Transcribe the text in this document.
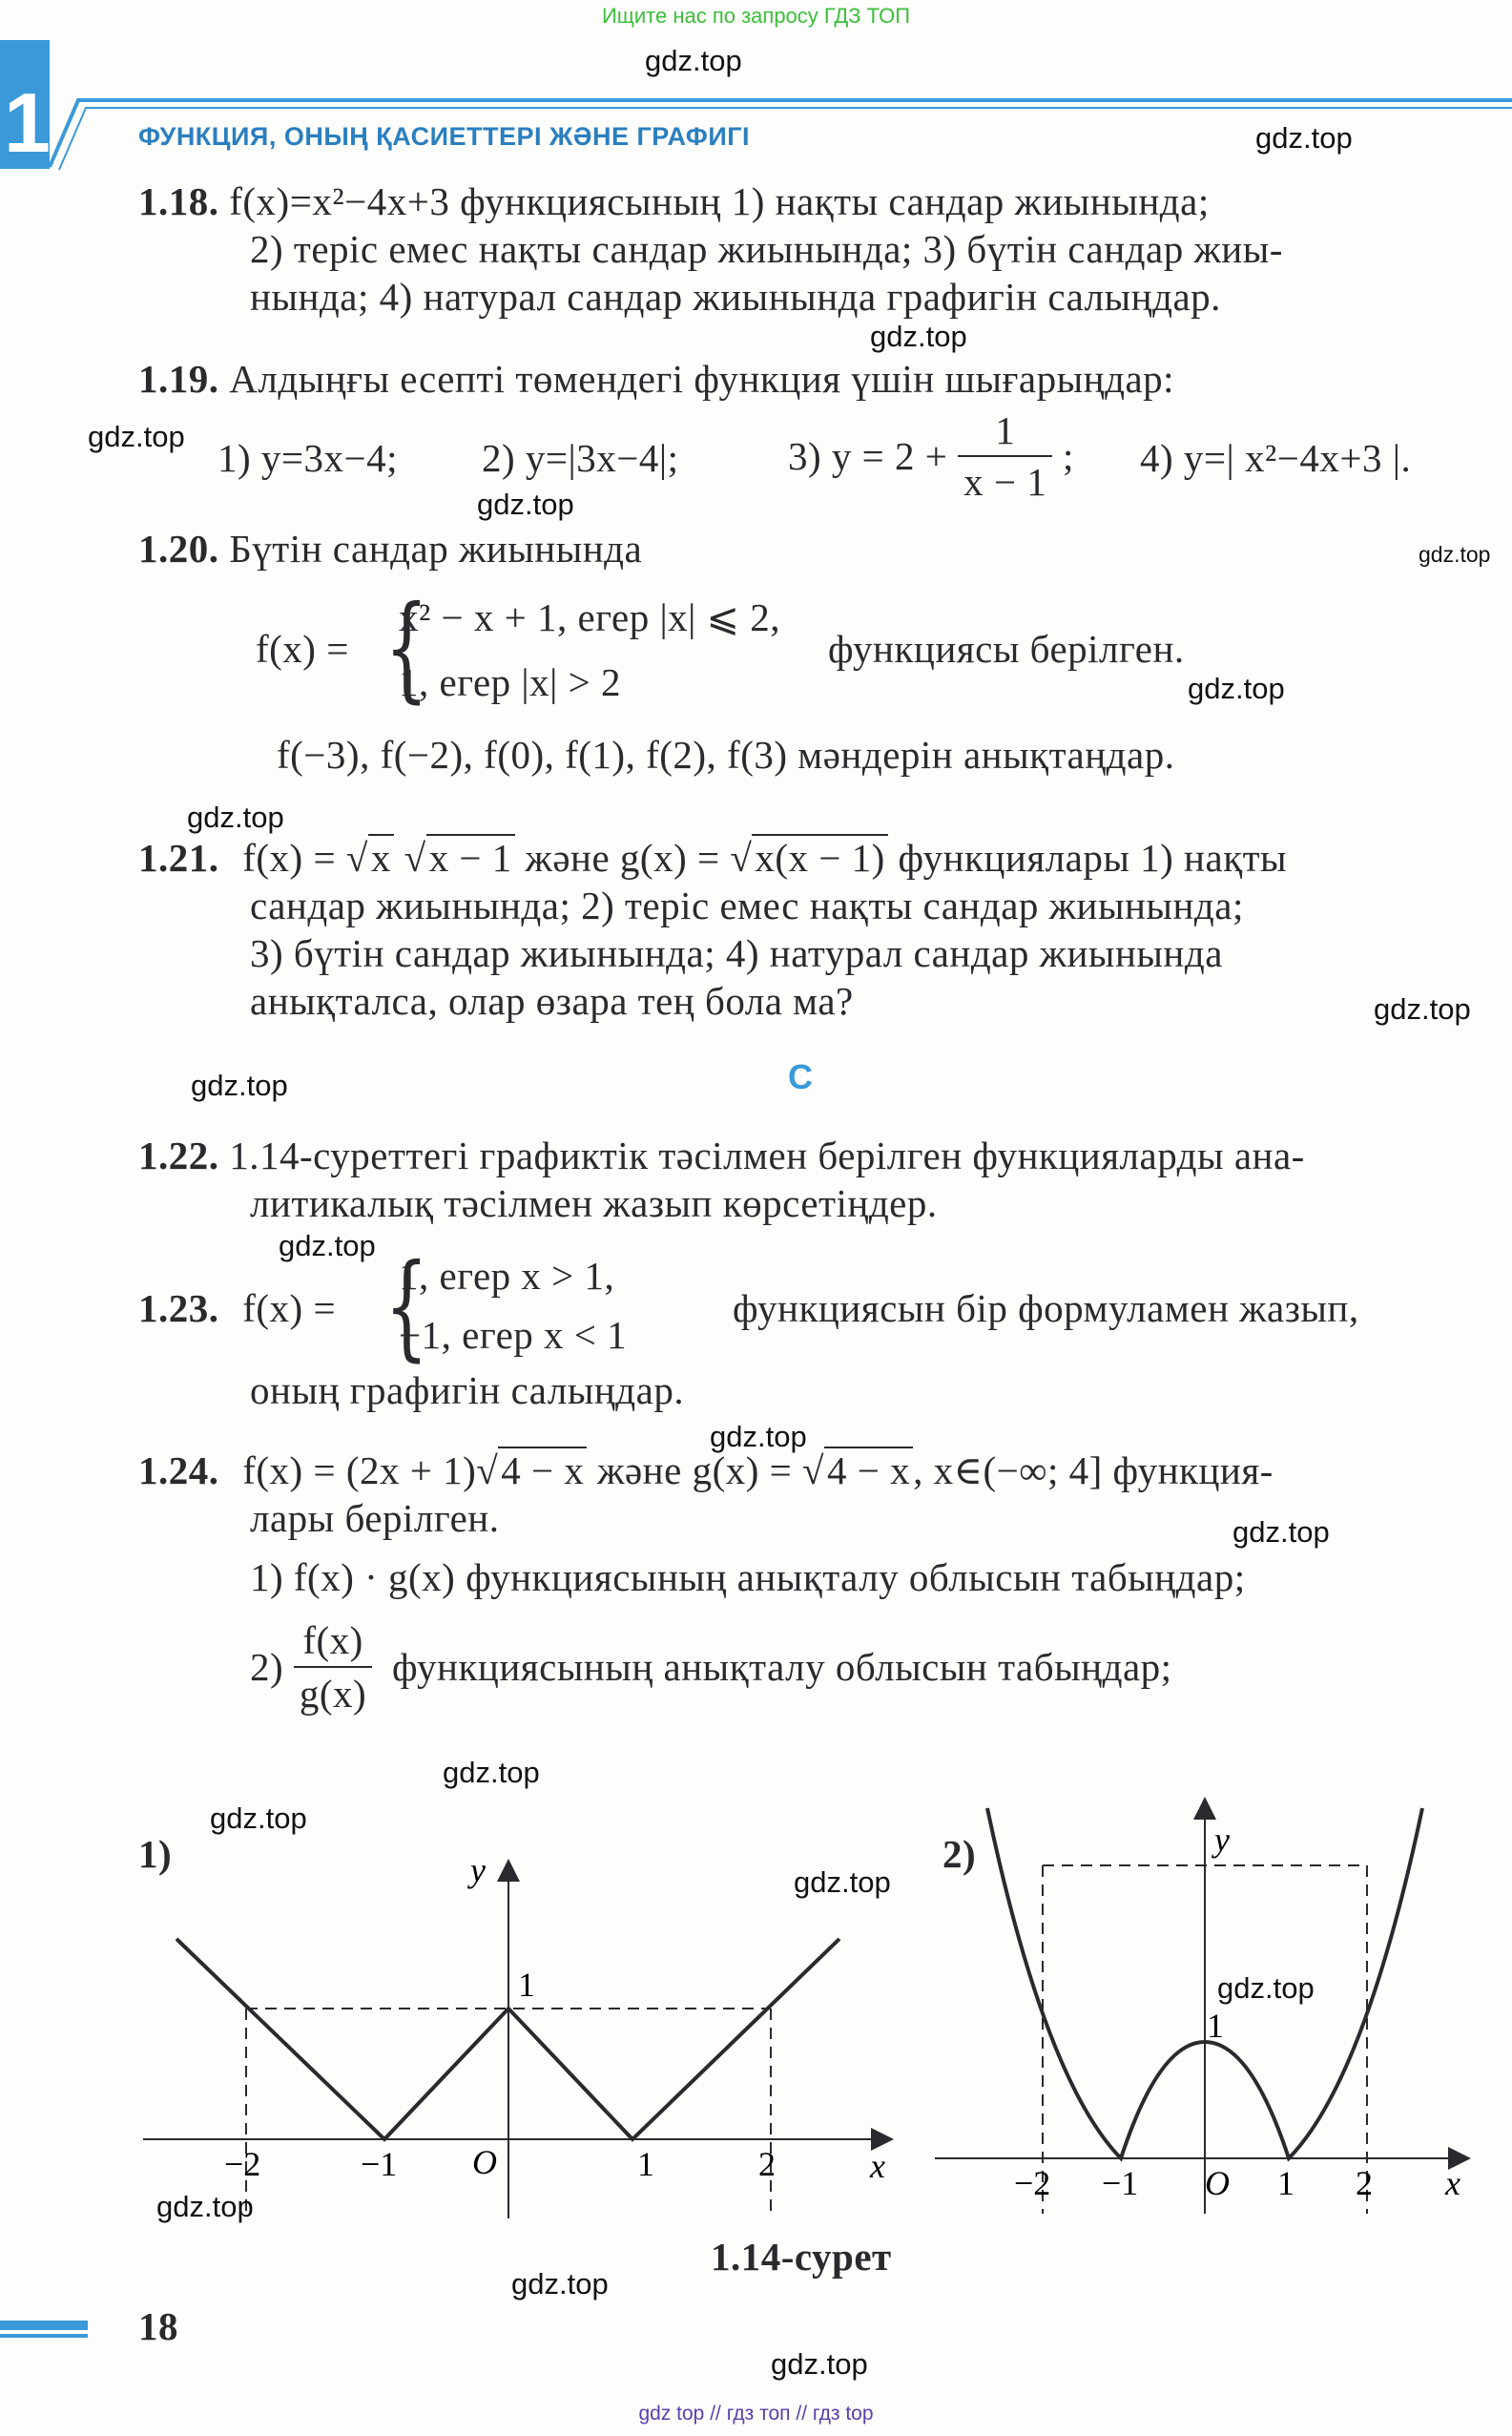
Ищите нас по запросу ГДЗ ТОП
1	ФУНКЦИЯ, ОНЫҢ ҚАСИЕТТЕРІ ЖӘНЕ ГРАФИГІ
1.18. f(x)=x²−4x+3 функциясының 1) нақты сандар жиынында;
2) теріс емес нақты сандар жиынында; 3) бүтін сандар жиы-
нында; 4) натурал сандар жиынында графигін салыңдар.
1.19. Алдыңғы есепті төмендегі функция үшін шығарыңдар:
1) y=3x−4; 2) y=|3x−4|;	3) $y = 2 + \frac{1}{x - 1}$ ; 4) y=| x²−4x+3 |.
1.20. Бүтін сандар жиынында
f(x) = {
x² − x + 1, егер |x| ⩽ 2,
1, егер |x| > 2
функциясы берілген.
f(−3), f(−2), f(0), f(1), f(2), f(3) мәндерін анықтаңдар.
1.21. f(x) = √x √x − 1 және g(x) = √x(x − 1) функциялары 1) нақты
сандар жиынында; 2) теріс емес нақты сандар жиынында;
3) бүтін сандар жиынында; 4) натурал сандар жиынында
анықталса, олар өзара тең бола ма?
C
1.22. 1.14-суреттегі графиктік тәсілмен берілген функцияларды ана-
литикалық тәсілмен жазып көрсетіңдер.
1.23. f(x) = {
1, егер x > 1,
−1, егер x < 1
функциясын бір формуламен жазып,
оның графигін салыңдар.
1.24. f(x) = (2x + 1)√4 − x және g(x) = √4 − x, x∈(−∞; 4] функция-
лары берілген.
1) f(x) · g(x) функциясының анықталу облысын табыңдар;
$2) \frac{f(x)}{g(x)}$ функциясының анықталу облысын табыңдар;
1)	y
x
O
1
−2	−1	1	2
2)	y
x
O
1
−2 −1	1 2
1.14-сурет
18
gdz top // гдз топ // гдз top
gdz.top
gdz.top
gdz.top
gdz.top
gdz.top
gdz.top
gdz.top
gdz.top
gdz.top
gdz.top
gdz.top
gdz.top
gdz.top
gdz.top
gdz.top
gdz.top
gdz.top
gdz.top
gdz.top
gdz.top
